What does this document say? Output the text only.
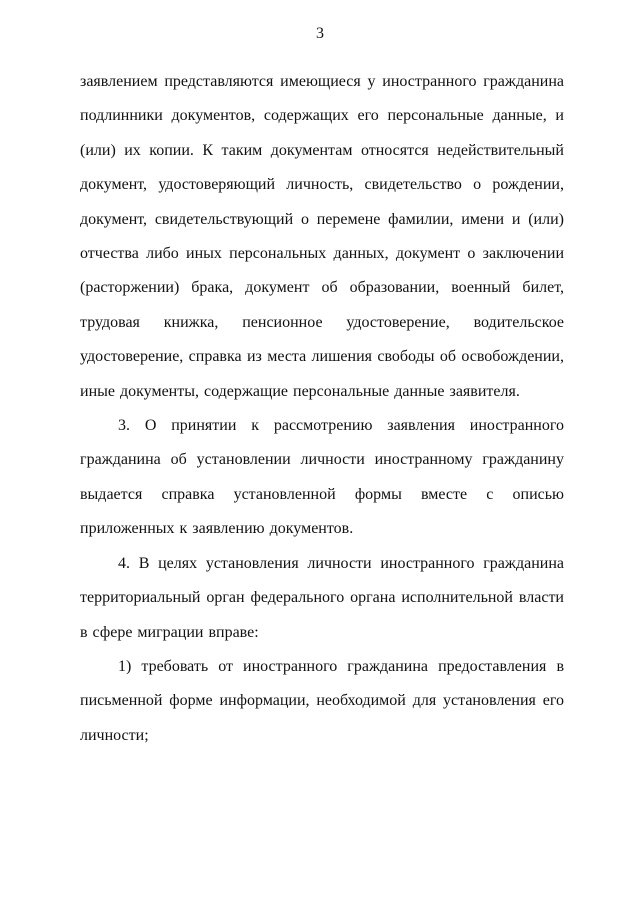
3

заявлением представляются имеющиеся у иностранного гражданина подлинники документов, содержащих его персональные данные, и (или) их копии. К таким документам относятся недействительный документ, удостоверяющий личность, свидетельство о рождении, документ, свидетельствующий о перемене фамилии, имени и (или) отчества либо иных персональных данных, документ о заключении (расторжении) брака, документ об образовании, военный билет, трудовая книжка, пенсионное удостоверение, водительское удостоверение, справка из места лишения свободы об освобождении, иные документы, содержащие персональные данные заявителя.

3. О принятии к рассмотрению заявления иностранного гражданина об установлении личности иностранному гражданину выдается справка установленной формы вместе с описью приложенных к заявлению документов.

4. В целях установления личности иностранного гражданина территориальный орган федерального органа исполнительной власти в сфере миграции вправе:

1) требовать от иностранного гражданина предоставления в письменной форме информации, необходимой для установления его личности;
